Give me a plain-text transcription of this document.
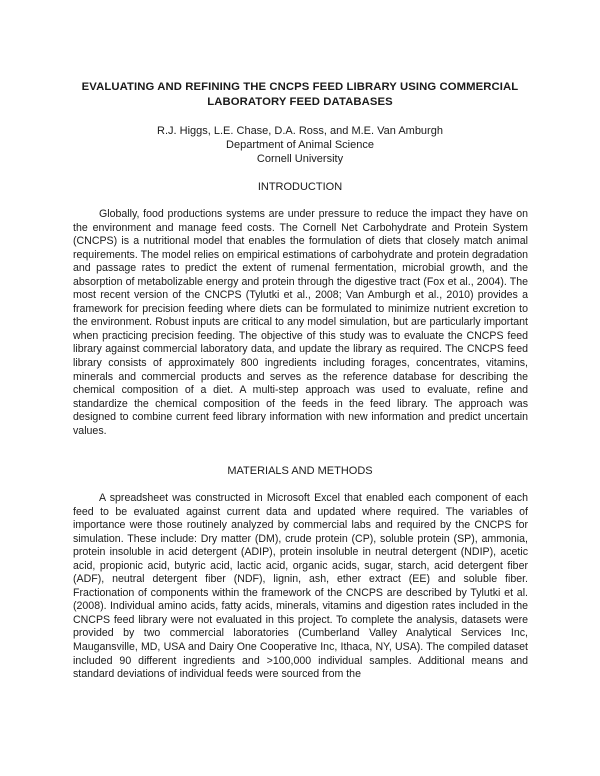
EVALUATING AND REFINING THE CNCPS FEED LIBRARY USING COMMERCIAL LABORATORY FEED DATABASES
R.J. Higgs, L.E. Chase, D.A. Ross, and M.E. Van Amburgh
Department of Animal Science
Cornell University
INTRODUCTION

Globally, food productions systems are under pressure to reduce the impact they have on the environment and manage feed costs. The Cornell Net Carbohydrate and Protein System (CNCPS) is a nutritional model that enables the formulation of diets that closely match animal requirements. The model relies on empirical estimations of carbohydrate and protein degradation and passage rates to predict the extent of rumenal fermentation, microbial growth, and the absorption of metabolizable energy and protein through the digestive tract (Fox et al., 2004). The most recent version of the CNCPS (Tylutki et al., 2008; Van Amburgh et al., 2010) provides a framework for precision feeding where diets can be formulated to minimize nutrient excretion to the environment. Robust inputs are critical to any model simulation, but are particularly important when practicing precision feeding. The objective of this study was to evaluate the CNCPS feed library against commercial laboratory data, and update the library as required. The CNCPS feed library consists of approximately 800 ingredients including forages, concentrates, vitamins, minerals and commercial products and serves as the reference database for describing the chemical composition of a diet. A multi-step approach was used to evaluate, refine and standardize the chemical composition of the feeds in the feed library. The approach was designed to combine current feed library information with new information and predict uncertain values.

MATERIALS AND METHODS

A spreadsheet was constructed in Microsoft Excel that enabled each component of each feed to be evaluated against current data and updated where required. The variables of importance were those routinely analyzed by commercial labs and required by the CNCPS for simulation. These include: Dry matter (DM), crude protein (CP), soluble protein (SP), ammonia, protein insoluble in acid detergent (ADIP), protein insoluble in neutral detergent (NDIP), acetic acid, propionic acid, butyric acid, lactic acid, organic acids, sugar, starch, acid detergent fiber (ADF), neutral detergent fiber (NDF), lignin, ash, ether extract (EE) and soluble fiber. Fractionation of components within the framework of the CNCPS are described by Tylutki et al. (2008). Individual amino acids, fatty acids, minerals, vitamins and digestion rates included in the CNCPS feed library were not evaluated in this project. To complete the analysis, datasets were provided by two commercial laboratories (Cumberland Valley Analytical Services Inc, Maugansville, MD, USA and Dairy One Cooperative Inc, Ithaca, NY, USA). The compiled dataset included 90 different ingredients and >100,000 individual samples. Additional means and standard deviations of individual feeds were sourced from the
